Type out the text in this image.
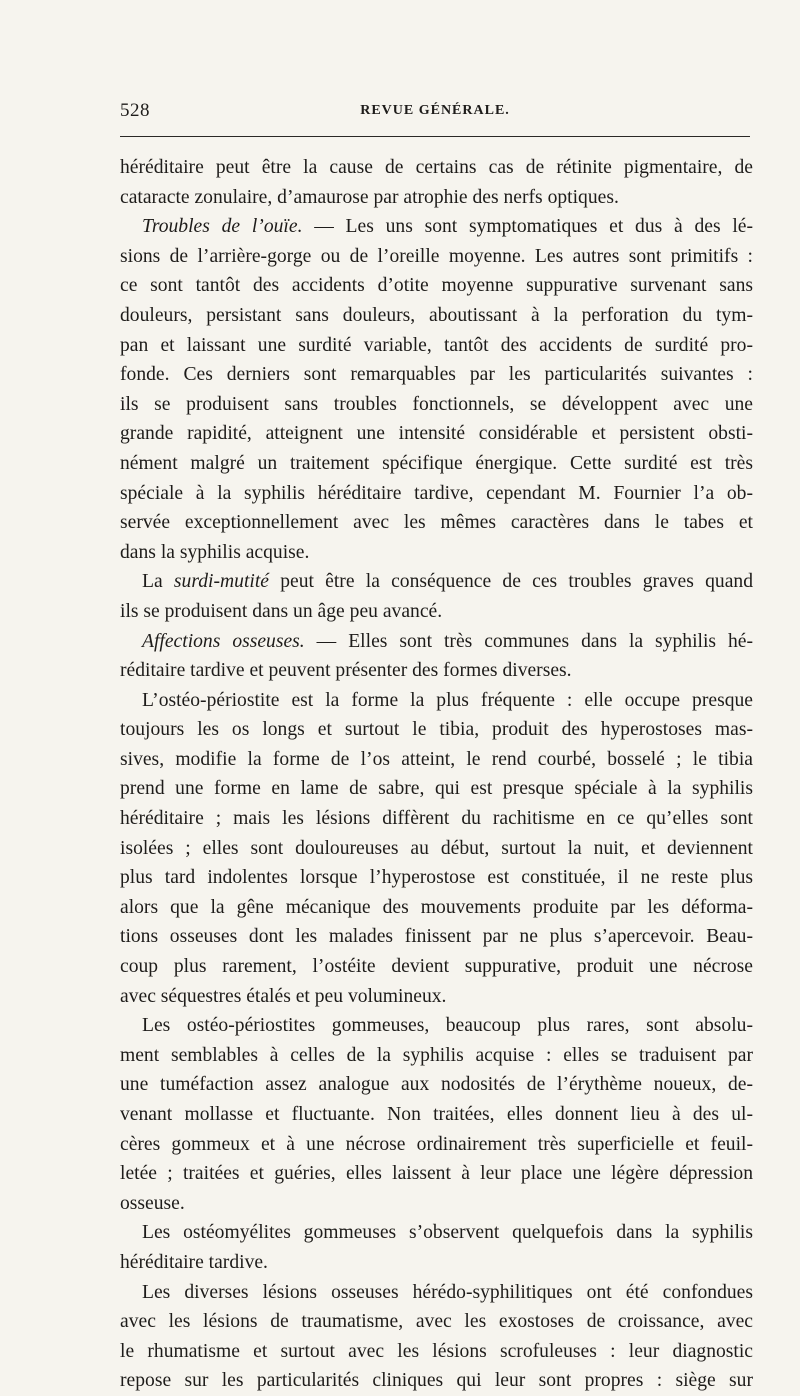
528	REVUE GÉNÉRALE.
héréditaire peut être la cause de certains cas de rétinite pigmentaire, de
cataracte zonulaire, d’amaurose par atrophie des nerfs optiques.
Troubles de l’ouïe. — Les uns sont symptomatiques et dus à des lé-
sions de l’arrière-gorge ou de l’oreille moyenne. Les autres sont primitifs :
ce sont tantôt des accidents d’otite moyenne suppurative survenant sans
douleurs, persistant sans douleurs, aboutissant à la perforation du tym-
pan et laissant une surdité variable, tantôt des accidents de surdité pro-
fonde. Ces derniers sont remarquables par les particularités suivantes :
ils se produisent sans troubles fonctionnels, se développent avec une
grande rapidité, atteignent une intensité considérable et persistent obsti-
nément malgré un traitement spécifique énergique. Cette surdité est très
spéciale à la syphilis héréditaire tardive, cependant M. Fournier l’a ob-
servée exceptionnellement avec les mêmes caractères dans le tabes et
dans la syphilis acquise.
La surdi-mutité peut être la conséquence de ces troubles graves quand
ils se produisent dans un âge peu avancé.
Affections osseuses. — Elles sont très communes dans la syphilis hé-
réditaire tardive et peuvent présenter des formes diverses.
L’ostéo-périostite est la forme la plus fréquente : elle occupe presque
toujours les os longs et surtout le tibia, produit des hyperostoses mas-
sives, modifie la forme de l’os atteint, le rend courbé, bosselé ; le tibia
prend une forme en lame de sabre, qui est presque spéciale à la syphilis
héréditaire ; mais les lésions diffèrent du rachitisme en ce qu’elles sont
isolées ; elles sont douloureuses au début, surtout la nuit, et deviennent
plus tard indolentes lorsque l’hyperostose est constituée, il ne reste plus
alors que la gêne mécanique des mouvements produite par les déforma-
tions osseuses dont les malades finissent par ne plus s’apercevoir. Beau-
coup plus rarement, l’ostéite devient suppurative, produit une nécrose
avec séquestres étalés et peu volumineux.
Les ostéo-périostites gommeuses, beaucoup plus rares, sont absolu-
ment semblables à celles de la syphilis acquise : elles se traduisent par
une tuméfaction assez analogue aux nodosités de l’érythème noueux, de-
venant mollasse et fluctuante. Non traitées, elles donnent lieu à des ul-
cères gommeux et à une nécrose ordinairement très superficielle et feuil-
letée ; traitées et guéries, elles laissent à leur place une légère dépression
osseuse.
Les ostéomyélites gommeuses s’observent quelquefois dans la syphilis
héréditaire tardive.
Les diverses lésions osseuses hérédo-syphilitiques ont été confondues
avec les lésions de traumatisme, avec les exostoses de croissance, avec
le rhumatisme et surtout avec les lésions scrofuleuses : leur diagnostic
repose sur les particularités cliniques qui leur sont propres : siège sur
